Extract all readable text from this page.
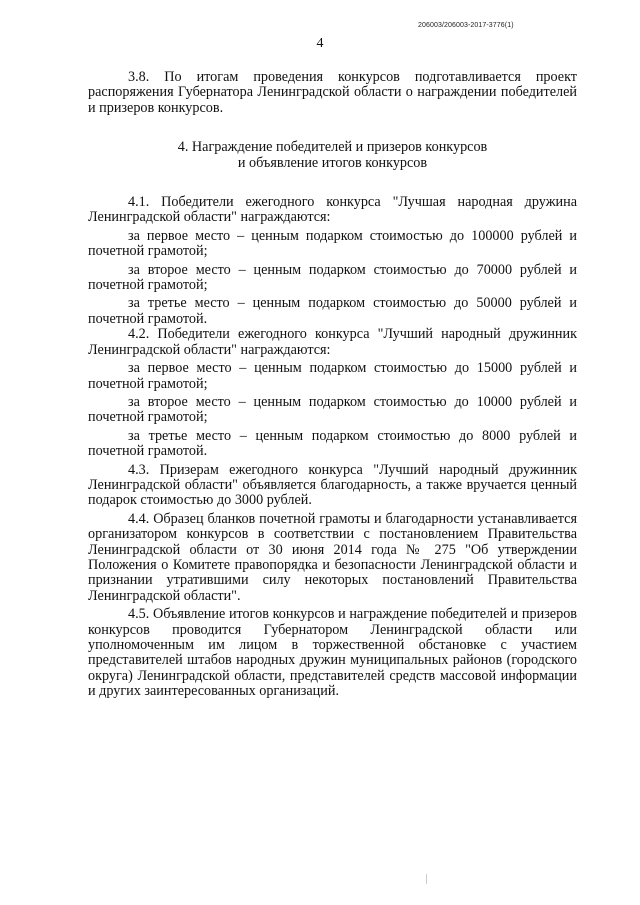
206003/206003-2017-3776(1)
4

3.8. По итогам проведения конкурсов подготавливается проект распоряжения Губернатора Ленинградской области о награждении победителей и призеров конкурсов.

4. Награждение победителей и призеров конкурсов
и объявление итогов конкурсов

4.1. Победители ежегодного конкурса "Лучшая народная дружина Ленинградской области" награждаются:

за первое место – ценным подарком стоимостью до 100000 рублей и почетной грамотой;

за второе место – ценным подарком стоимостью до 70000 рублей и почетной грамотой;

за третье место – ценным подарком стоимостью до 50000 рублей и почетной грамотой.

4.2. Победители ежегодного конкурса "Лучший народный дружинник Ленинградской области" награждаются:

за первое место – ценным подарком стоимостью до 15000 рублей и почетной грамотой;

за второе место – ценным подарком стоимостью до 10000 рублей и почетной грамотой;

за третье место – ценным подарком стоимостью до 8000 рублей и почетной грамотой.

4.3. Призерам ежегодного конкурса "Лучший народный дружинник Ленинградской области" объявляется благодарность, а также вручается ценный подарок стоимостью до 3000 рублей.

4.4. Образец бланков почетной грамоты и благодарности устанавливается организатором конкурсов в соответствии с постановлением Правительства Ленинградской области от 30 июня 2014 года № 275 "Об утверждении Положения о Комитете правопорядка и безопасности Ленинградской области и признании утратившими силу некоторых постановлений Правительства Ленинградской области".

4.5. Объявление итогов конкурсов и награждение победителей и призеров конкурсов проводится Губернатором Ленинградской области или уполномоченным им лицом в торжественной обстановке с участием представителей штабов народных дружин муниципальных районов (городского округа) Ленинградской области, представителей средств массовой информации и других заинтересованных организаций.
